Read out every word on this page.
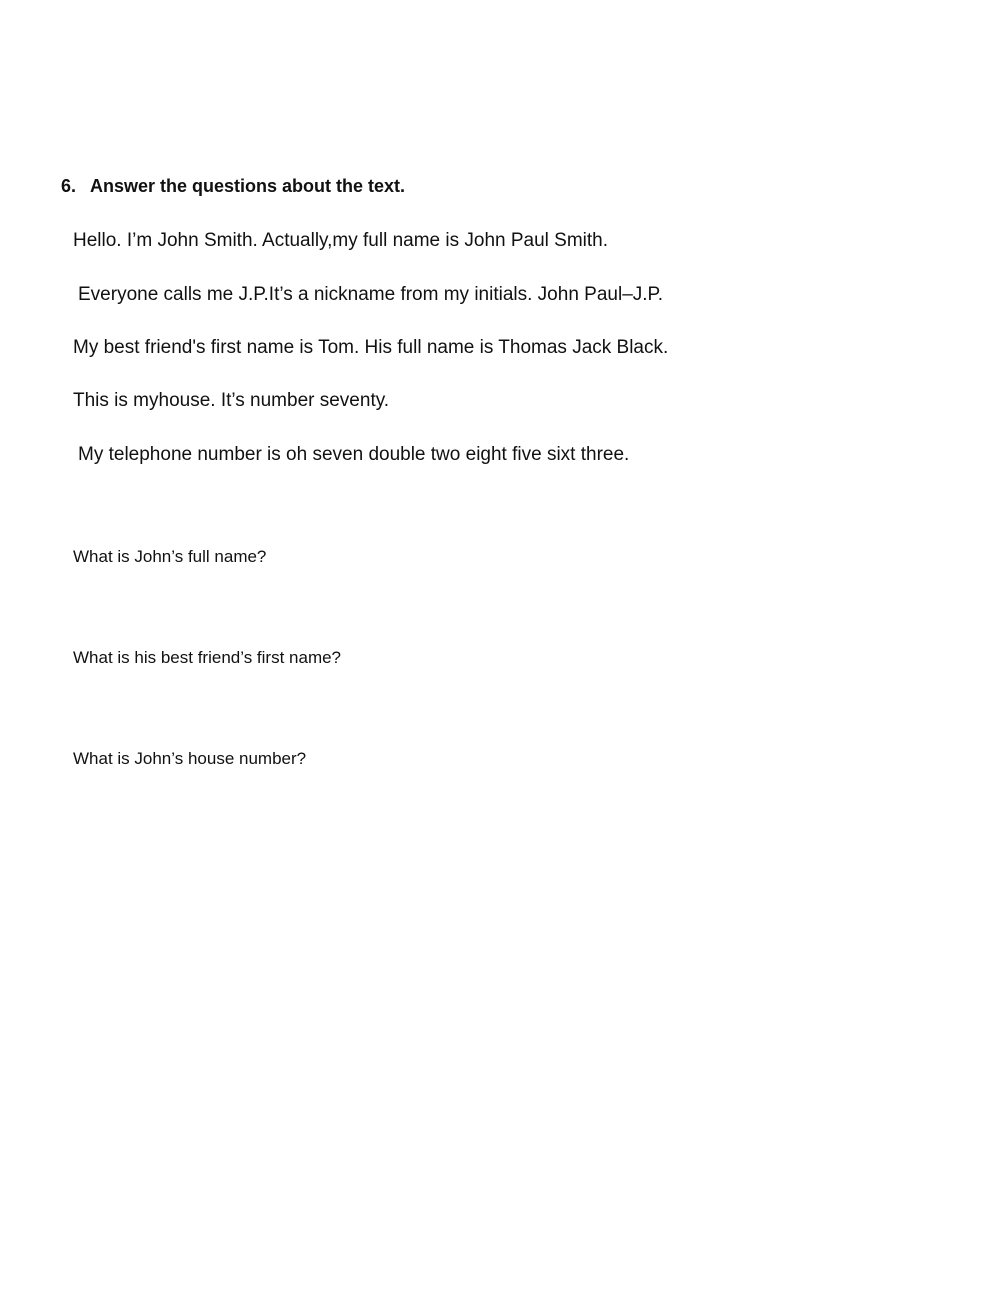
6. Answer the questions about the text.
Hello. I’m John Smith. Actually,my full name is John Paul Smith.
Everyone calls me J.P.It’s a nickname from my initials. John Paul–J.P.
My best friend's first name is Tom. His full name is Thomas Jack Black.
This is myhouse. It’s number seventy.
My telephone number is oh seven double two eight five sixt three.
What is John’s full name?
What is his best friend’s first name?
What is John’s house number?
